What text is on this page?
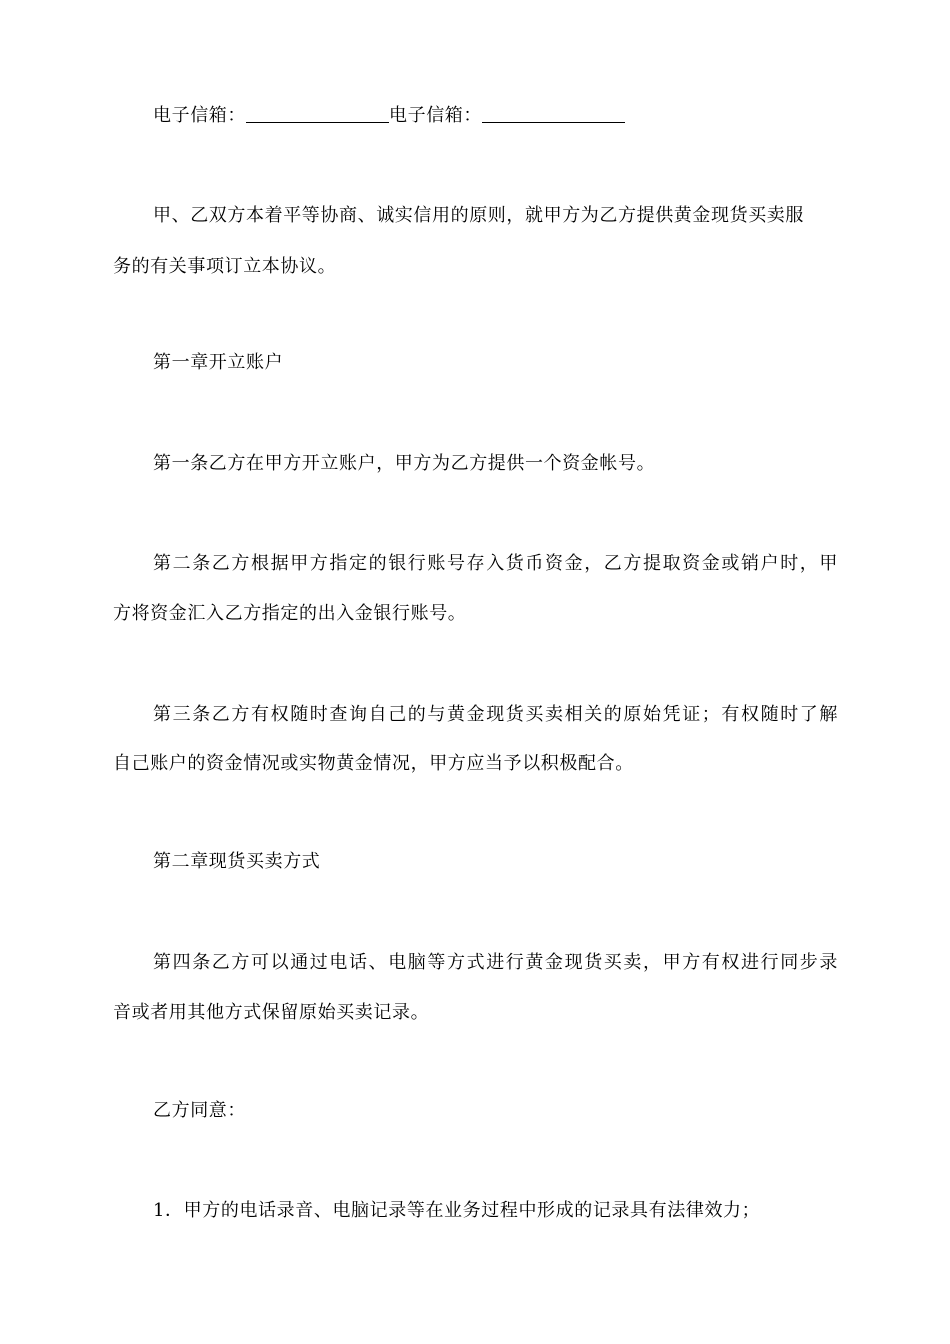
电子信箱：	电子信箱：
甲、乙双方本着平等协商、诚实信用的原则，就甲方为乙方提供黄金现货买卖服
务的有关事项订立本协议。
第一章开立账户
第一条乙方在甲方开立账户，甲方为乙方提供一个资金帐号。
第二条乙方根据甲方指定的银行账号存入货币资金，乙方提取资金或销户时，甲
方将资金汇入乙方指定的出入金银行账号。
第三条乙方有权随时查询自己的与黄金现货买卖相关的原始凭证；有权随时了解
自己账户的资金情况或实物黄金情况，甲方应当予以积极配合。
第二章现货买卖方式
第四条乙方可以通过电话、电脑等方式进行黄金现货买卖，甲方有权进行同步录
音或者用其他方式保留原始买卖记录。
乙方同意：
1．甲方的电话录音、电脑记录等在业务过程中形成的记录具有法律效力；
